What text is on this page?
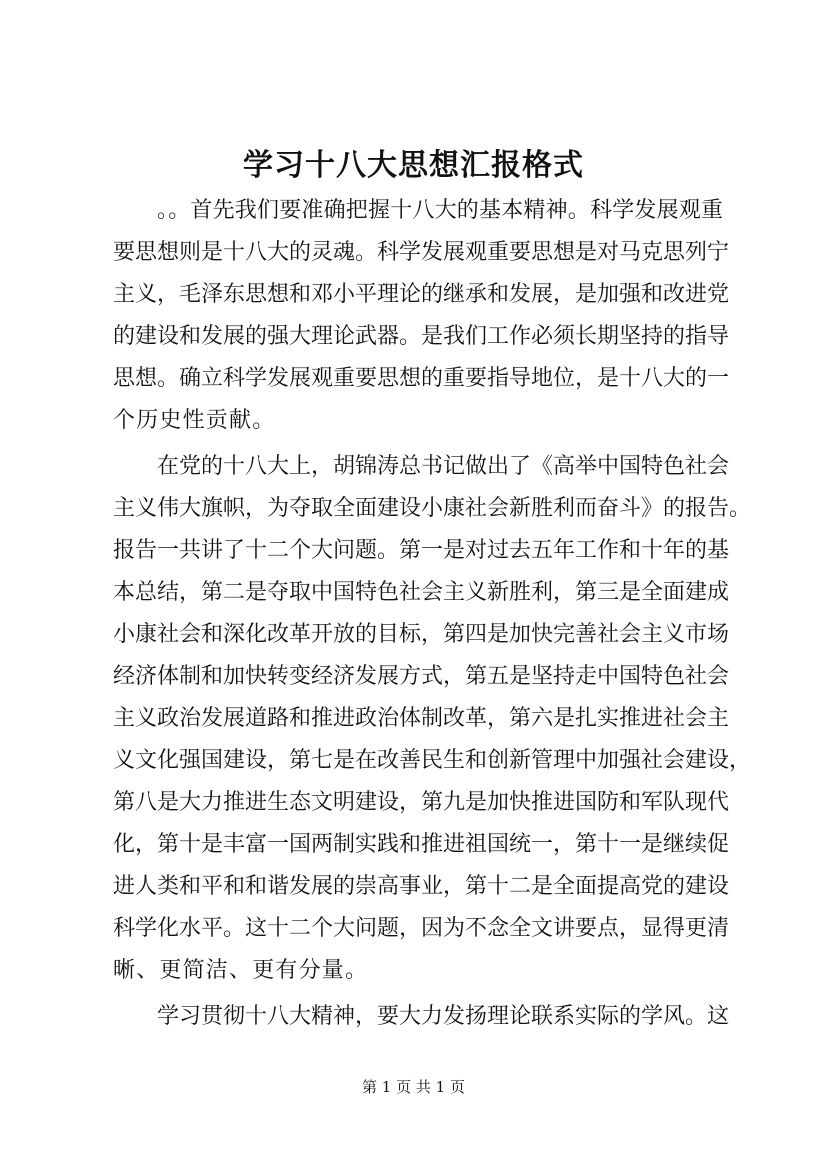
学习十八大思想汇报格式
。。首先我们要准确把握十八大的基本精神。科学发展观重
要思想则是十八大的灵魂。科学发展观重要思想是对马克思列宁
主义，毛泽东思想和邓小平理论的继承和发展，是加强和改进党
的建设和发展的强大理论武器。是我们工作必须长期坚持的指导
思想。确立科学发展观重要思想的重要指导地位，是十八大的一
个历史性贡献。
在党的十八大上，胡锦涛总书记做出了《高举中国特色社会
主义伟大旗帜，为夺取全面建设小康社会新胜利而奋斗》的报告。
报告一共讲了十二个大问题。第一是对过去五年工作和十年的基
本总结，第二是夺取中国特色社会主义新胜利，第三是全面建成
小康社会和深化改革开放的目标，第四是加快完善社会主义市场
经济体制和加快转变经济发展方式，第五是坚持走中国特色社会
主义政治发展道路和推进政治体制改革，第六是扎实推进社会主
义文化强国建设，第七是在改善民生和创新管理中加强社会建设，
第八是大力推进生态文明建设，第九是加快推进国防和军队现代
化，第十是丰富一国两制实践和推进祖国统一，第十一是继续促
进人类和平和和谐发展的崇高事业，第十二是全面提高党的建设
科学化水平。这十二个大问题，因为不念全文讲要点，显得更清
晰、更简洁、更有分量。
学习贯彻十八大精神，要大力发扬理论联系实际的学风。这
第 1 页 共 1 页
